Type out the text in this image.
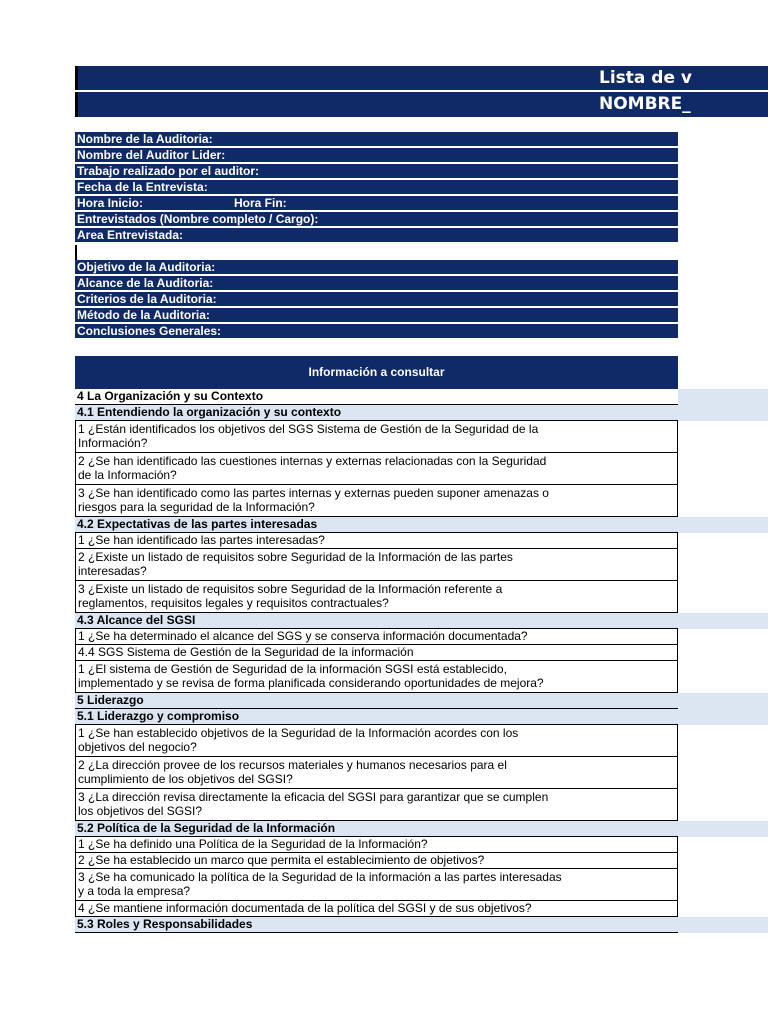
Lista de v
NOMBRE_
Nombre de la Auditoria:
Nombre del Auditor Lider:
Trabajo realizado por el auditor:
Fecha de la Entrevista:
Hora Inicio:	Hora Fin:
Entrevistados (Nombre completo / Cargo):
Area Entrevistada:
Objetivo de la Auditoria:
Alcance de la Auditoria:
Criterios de la Auditoria:
Método de la Auditoria:
Conclusiones Generales:
Información a consultar
4 La Organización y su Contexto
4.1 Entendiendo la organización y su contexto
1 ¿Están identificados los objetivos del SGS Sistema de Gestión de la Seguridad de la
Información?
2 ¿Se han identificado las cuestiones internas y externas relacionadas con la Seguridad
de la Información?
3 ¿Se han identificado como las partes internas y externas pueden suponer amenazas o
riesgos para la seguridad de la Información?
4.2 Expectativas de las partes interesadas
1 ¿Se han identificado las partes interesadas?
2 ¿Existe un listado de requisitos sobre Seguridad de la Información de las partes
interesadas?
3 ¿Existe un listado de requisitos sobre Seguridad de la Información referente a
reglamentos, requisitos legales y requisitos contractuales?
4.3 Alcance del SGSI
1 ¿Se ha determinado el alcance del SGS y se conserva información documentada?
4.4 SGS Sistema de Gestión de la Seguridad de la información
1 ¿El sistema de Gestión de Seguridad de la información SGSI está establecido,
implementado y se revisa de forma planificada considerando oportunidades de mejora?
5 Liderazgo
5.1 Liderazgo y compromiso
1 ¿Se han establecido objetivos de la Seguridad de la Información acordes con los
objetivos del negocio?
2 ¿La dirección provee de los recursos materiales y humanos necesarios para el
cumplimiento de los objetivos del SGSI?
3 ¿La dirección revisa directamente la eficacia del SGSI para garantizar que se cumplen
los objetivos del SGSI?
5.2 Política de la Seguridad de la Información
1 ¿Se ha definido una Política de la Seguridad de la Información?
2 ¿Se ha establecido un marco que permita el establecimiento de objetivos?
3 ¿Se ha comunicado la política de la Seguridad de la información a las partes interesadas
y a toda la empresa?
4 ¿Se mantiene información documentada de la política del SGSI y de sus objetivos?
5.3 Roles y Responsabilidades
